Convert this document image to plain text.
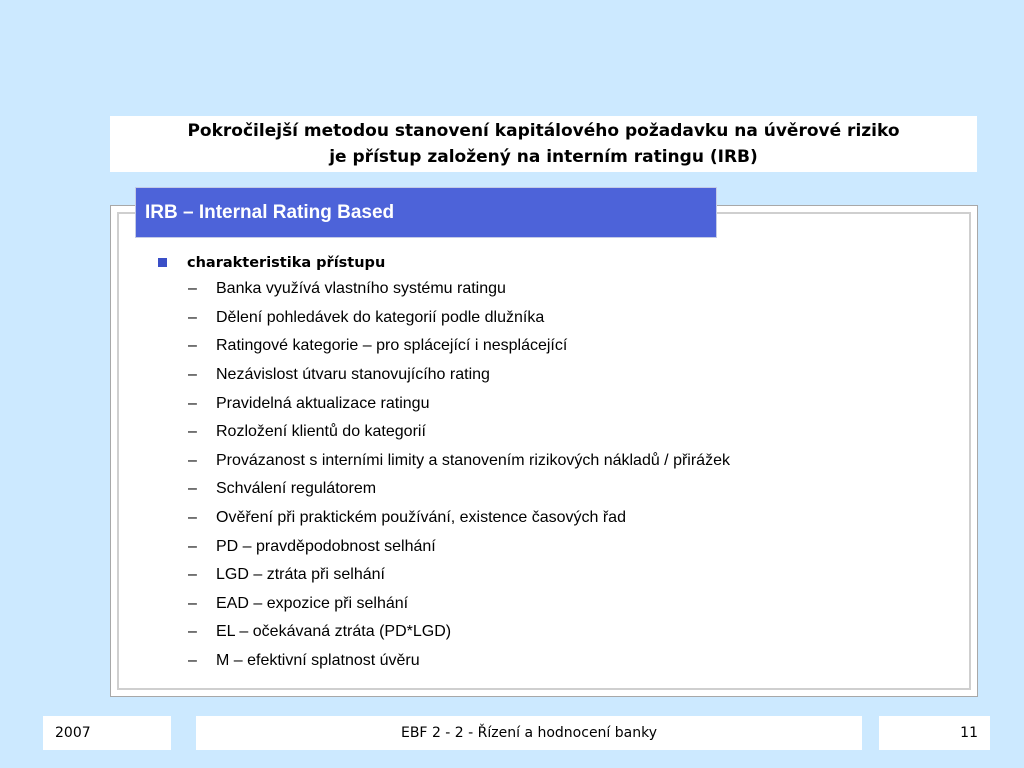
Pokročilejší metodou stanovení kapitálového požadavku na úvěrové riziko
je přístup založený na interním ratingu (IRB)
IRB – Internal Rating Based
charakteristika přístupu
–	Banka využívá vlastního systému ratingu
–	Dělení pohledávek do kategorií podle dlužníka
–	Ratingové kategorie – pro splácející i nesplácející
–	Nezávislost útvaru stanovujícího rating
–	Pravidelná aktualizace ratingu
–	Rozložení klientů do kategorií
–	Provázanost s interními limity a stanovením rizikových nákladů / přirážek
–	Schválení regulátorem
–	Ověření při praktickém používání, existence časových řad
–	PD – pravděpodobnost selhání
–	LGD – ztráta při selhání
–	EAD – expozice při selhání
–	EL – očekávaná ztráta (PD*LGD)
–	M – efektivní splatnost úvěru
2007	EBF 2 - 2 - Řízení a hodnocení banky	11
